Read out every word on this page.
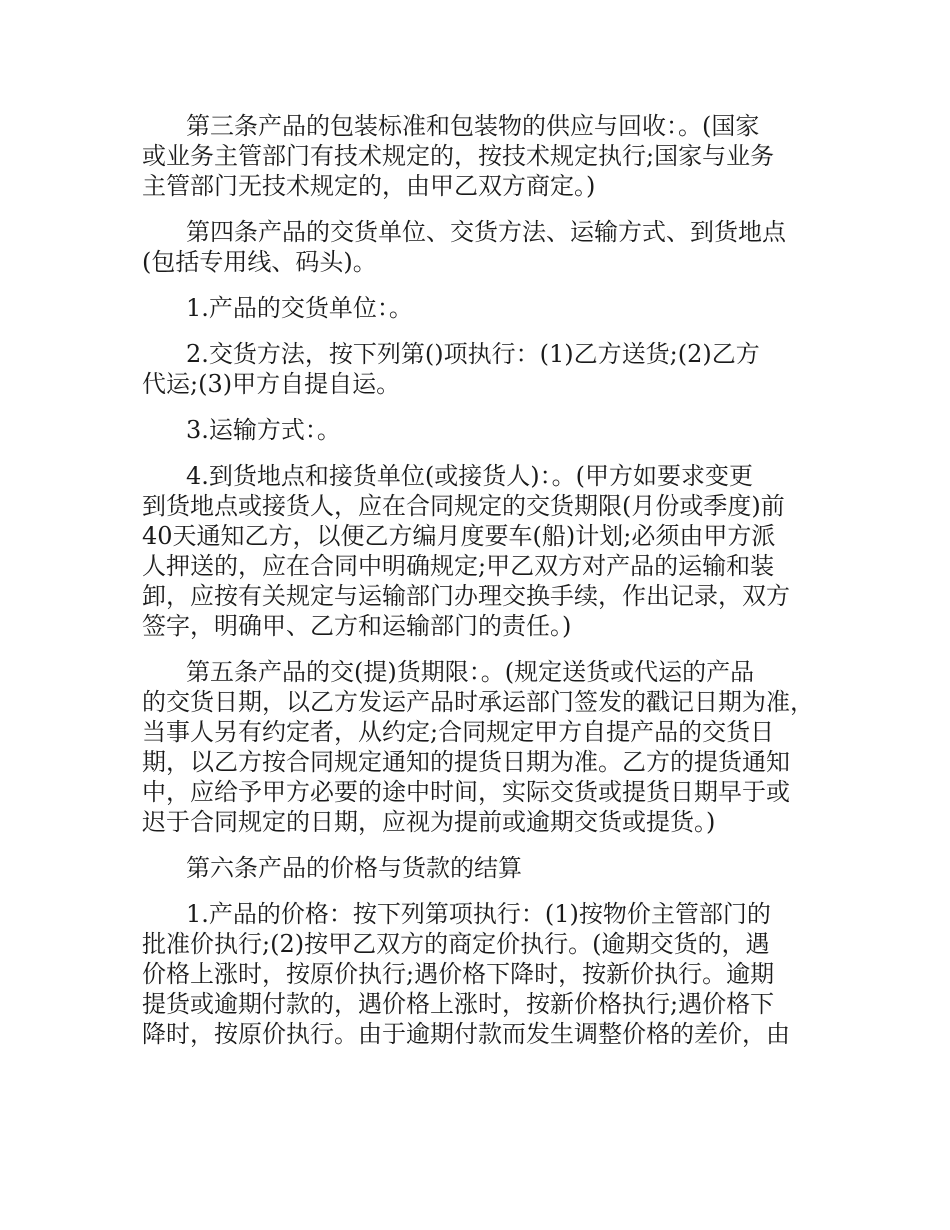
第三条产品的包装标准和包装物的供应与回收：。(国家
或业务主管部门有技术规定的，按技术规定执行;国家与业务
主管部门无技术规定的，由甲乙双方商定。)
第四条产品的交货单位、交货方法、运输方式、到货地点
(包括专用线、码头)。
1.产品的交货单位：。
2.交货方法，按下列第()项执行：(1)乙方送货;(2)乙方
代运;(3)甲方自提自运。
3.运输方式：。
4.到货地点和接货单位(或接货人)：。(甲方如要求变更
到货地点或接货人，应在合同规定的交货期限(月份或季度)前
40天通知乙方，以便乙方编月度要车(船)计划;必须由甲方派
人押送的，应在合同中明确规定;甲乙双方对产品的运输和装
卸，应按有关规定与运输部门办理交换手续，作出记录，双方
签字，明确甲、乙方和运输部门的责任。)
第五条产品的交(提)货期限：。(规定送货或代运的产品
的交货日期，以乙方发运产品时承运部门签发的戳记日期为准，
当事人另有约定者，从约定;合同规定甲方自提产品的交货日
期，以乙方按合同规定通知的提货日期为准。乙方的提货通知
中，应给予甲方必要的途中时间，实际交货或提货日期早于或
迟于合同规定的日期，应视为提前或逾期交货或提货。)
第六条产品的价格与货款的结算
1.产品的价格：按下列第项执行：(1)按物价主管部门的
批准价执行;(2)按甲乙双方的商定价执行。(逾期交货的，遇
价格上涨时，按原价执行;遇价格下降时，按新价执行。逾期
提货或逾期付款的，遇价格上涨时，按新价格执行;遇价格下
降时，按原价执行。由于逾期付款而发生调整价格的差价，由
